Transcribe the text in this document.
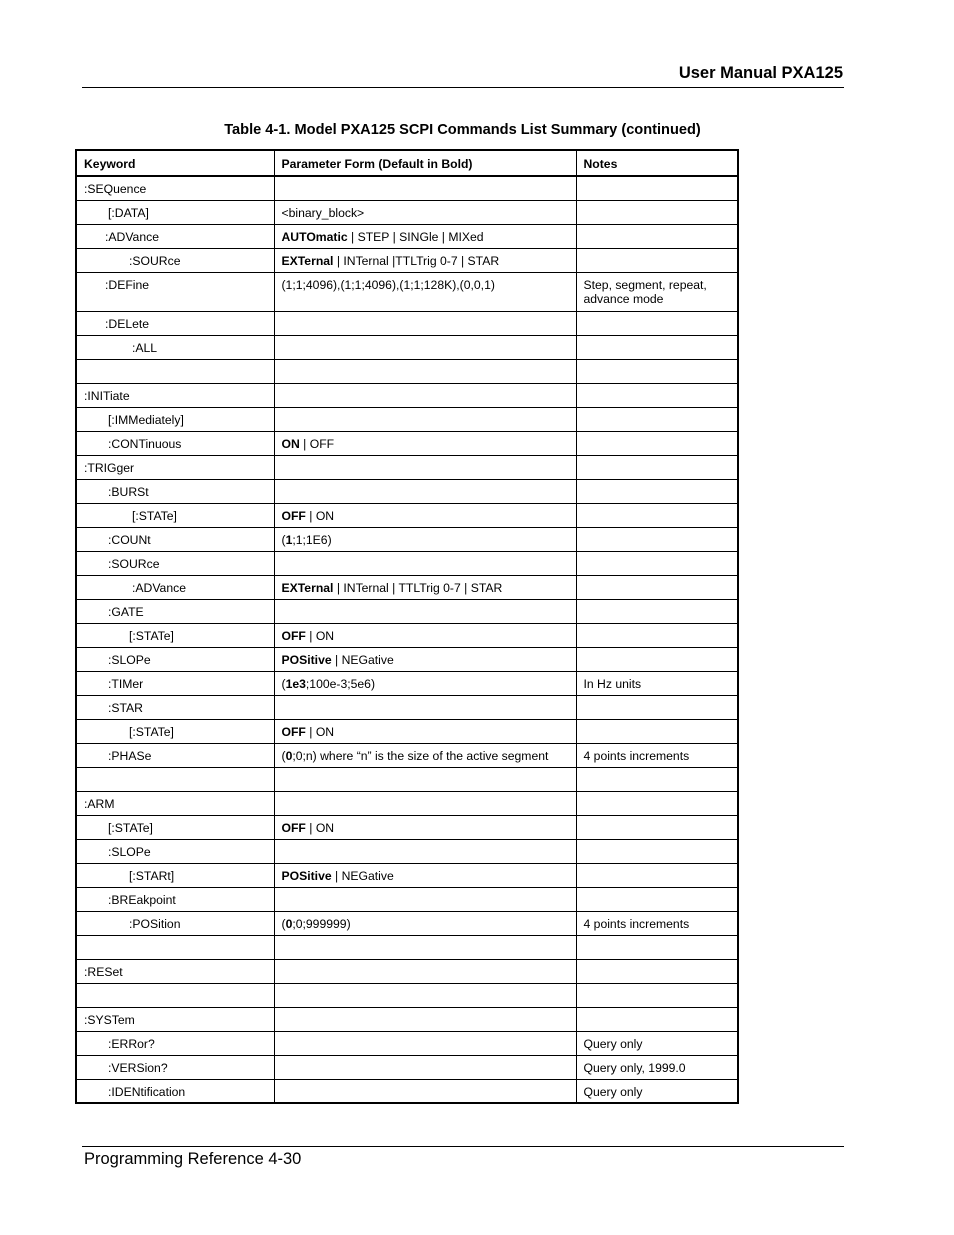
User Manual PXA125
Table 4-1. Model PXA125 SCPI Commands List Summary (continued)
Keyword	Parameter Form (Default in Bold)	Notes
:SEQuence		
[:DATA]	<binary_block>	
:ADVance	AUTOmatic | STEP | SINGle | MIXed	
:SOURce	EXTernal | INTernal |TTLTrig 0-7 | STAR	
:DEFine	(1;1;4096),(1;1;4096),(1;1;128K),(0,0,1)	Step, segment, repeat, advance mode
:DELete		
:ALL		

:INITiate		
[:IMMediately]		
:CONTinuous	ON | OFF	
:TRIGger		
:BURSt		
[:STATe]	OFF | ON	
:COUNt	(1;1;1E6)	
:SOURce		
:ADVance	EXTernal | INTernal | TTLTrig 0-7 | STAR	
:GATE		
[:STATe]	OFF | ON	
:SLOPe	POSitive | NEGative	
:TIMer	(1e3;100e-3;5e6)	In Hz units
:STAR		
[:STATe]	OFF | ON	
:PHASe	(0;0;n) where “n” is the size of the active segment	4 points increments

:ARM		
[:STATe]	OFF | ON	
:SLOPe		
[:STARt]	POSitive | NEGative	
:BREakpoint		
:POSition	(0;0;999999)	4 points increments

:RESet		

:SYSTem		
:ERRor?		Query only
:VERSion?		Query only, 1999.0
:IDENtification		Query only
Programming Reference 4-30
